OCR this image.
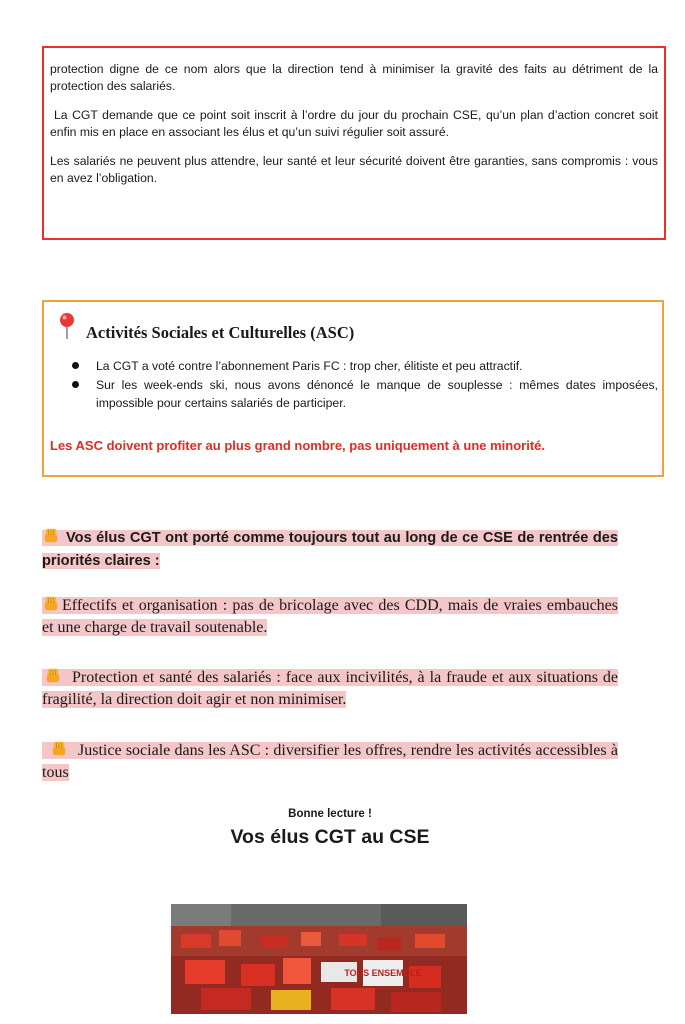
protection digne de ce nom alors que la direction tend à minimiser la gravité des faits au détriment de la protection des salariés.

La CGT demande que ce point soit inscrit à l’ordre du jour du prochain CSE, qu’un plan d’action concret soit enfin mis en place en associant les élus et qu’un suivi régulier soit assuré.

Les salariés ne peuvent plus attendre, leur santé et leur sécurité doivent être garanties, sans compromis : vous en avez l’obligation.

Activités Sociales et Culturelles (ASC)
La CGT a voté contre l’abonnement Paris FC : trop cher, élitiste et peu attractif.
Sur les week-ends ski, nous avons dénoncé le manque de souplesse : mêmes dates imposées, impossible pour certains salariés de participer.
Les ASC doivent profiter au plus grand nombre, pas uniquement à une minorité.
Vos élus CGT ont porté comme toujours tout au long de ce CSE de rentrée des priorités claires :
Effectifs et organisation : pas de bricolage avec des CDD, mais de vraies embauches et une charge de travail soutenable.
Protection et santé des salariés : face aux incivilités, à la fraude et aux situations de fragilité, la direction doit agir et non minimiser.
Justice sociale dans les ASC : diversifier les offres, rendre les activités accessibles à tous
Bonne lecture !
Vos élus CGT au CSE
TOUS ENSEMBLE
